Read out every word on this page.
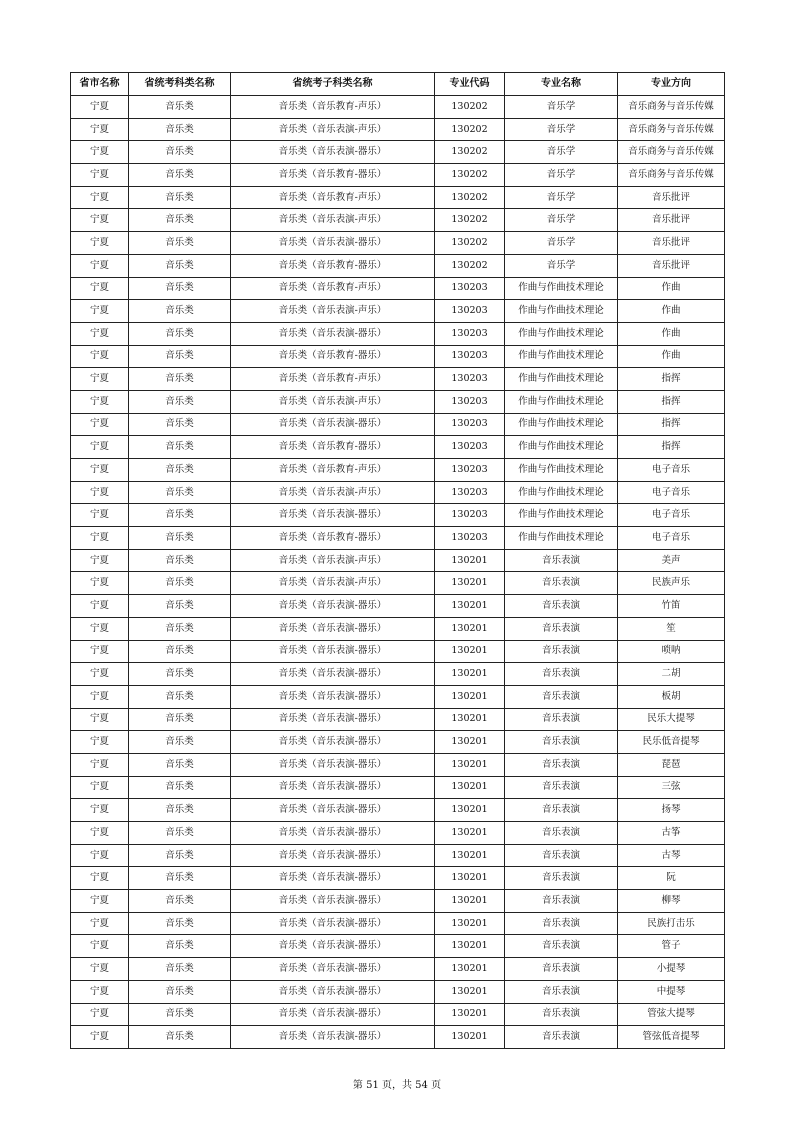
省市名称	省统考科类名称	省统考子科类名称	专业代码	专业名称	专业方向
宁夏	音乐类	音乐类（音乐教育-声乐）	130202	音乐学	音乐商务与音乐传媒
宁夏	音乐类	音乐类（音乐表演-声乐）	130202	音乐学	音乐商务与音乐传媒
宁夏	音乐类	音乐类（音乐表演-器乐）	130202	音乐学	音乐商务与音乐传媒
宁夏	音乐类	音乐类（音乐教育-器乐）	130202	音乐学	音乐商务与音乐传媒
宁夏	音乐类	音乐类（音乐教育-声乐）	130202	音乐学	音乐批评
宁夏	音乐类	音乐类（音乐表演-声乐）	130202	音乐学	音乐批评
宁夏	音乐类	音乐类（音乐表演-器乐）	130202	音乐学	音乐批评
宁夏	音乐类	音乐类（音乐教育-器乐）	130202	音乐学	音乐批评
宁夏	音乐类	音乐类（音乐教育-声乐）	130203	作曲与作曲技术理论	作曲
宁夏	音乐类	音乐类（音乐表演-声乐）	130203	作曲与作曲技术理论	作曲
宁夏	音乐类	音乐类（音乐表演-器乐）	130203	作曲与作曲技术理论	作曲
宁夏	音乐类	音乐类（音乐教育-器乐）	130203	作曲与作曲技术理论	作曲
宁夏	音乐类	音乐类（音乐教育-声乐）	130203	作曲与作曲技术理论	指挥
宁夏	音乐类	音乐类（音乐表演-声乐）	130203	作曲与作曲技术理论	指挥
宁夏	音乐类	音乐类（音乐表演-器乐）	130203	作曲与作曲技术理论	指挥
宁夏	音乐类	音乐类（音乐教育-器乐）	130203	作曲与作曲技术理论	指挥
宁夏	音乐类	音乐类（音乐教育-声乐）	130203	作曲与作曲技术理论	电子音乐
宁夏	音乐类	音乐类（音乐表演-声乐）	130203	作曲与作曲技术理论	电子音乐
宁夏	音乐类	音乐类（音乐表演-器乐）	130203	作曲与作曲技术理论	电子音乐
宁夏	音乐类	音乐类（音乐教育-器乐）	130203	作曲与作曲技术理论	电子音乐
宁夏	音乐类	音乐类（音乐表演-声乐）	130201	音乐表演	美声
宁夏	音乐类	音乐类（音乐表演-声乐）	130201	音乐表演	民族声乐
宁夏	音乐类	音乐类（音乐表演-器乐）	130201	音乐表演	竹笛
宁夏	音乐类	音乐类（音乐表演-器乐）	130201	音乐表演	笙
宁夏	音乐类	音乐类（音乐表演-器乐）	130201	音乐表演	唢呐
宁夏	音乐类	音乐类（音乐表演-器乐）	130201	音乐表演	二胡
宁夏	音乐类	音乐类（音乐表演-器乐）	130201	音乐表演	板胡
宁夏	音乐类	音乐类（音乐表演-器乐）	130201	音乐表演	民乐大提琴
宁夏	音乐类	音乐类（音乐表演-器乐）	130201	音乐表演	民乐低音提琴
宁夏	音乐类	音乐类（音乐表演-器乐）	130201	音乐表演	琵琶
宁夏	音乐类	音乐类（音乐表演-器乐）	130201	音乐表演	三弦
宁夏	音乐类	音乐类（音乐表演-器乐）	130201	音乐表演	扬琴
宁夏	音乐类	音乐类（音乐表演-器乐）	130201	音乐表演	古筝
宁夏	音乐类	音乐类（音乐表演-器乐）	130201	音乐表演	古琴
宁夏	音乐类	音乐类（音乐表演-器乐）	130201	音乐表演	阮
宁夏	音乐类	音乐类（音乐表演-器乐）	130201	音乐表演	柳琴
宁夏	音乐类	音乐类（音乐表演-器乐）	130201	音乐表演	民族打击乐
宁夏	音乐类	音乐类（音乐表演-器乐）	130201	音乐表演	管子
宁夏	音乐类	音乐类（音乐表演-器乐）	130201	音乐表演	小提琴
宁夏	音乐类	音乐类（音乐表演-器乐）	130201	音乐表演	中提琴
宁夏	音乐类	音乐类（音乐表演-器乐）	130201	音乐表演	管弦大提琴
宁夏	音乐类	音乐类（音乐表演-器乐）	130201	音乐表演	管弦低音提琴
第 51 页，共 54 页
